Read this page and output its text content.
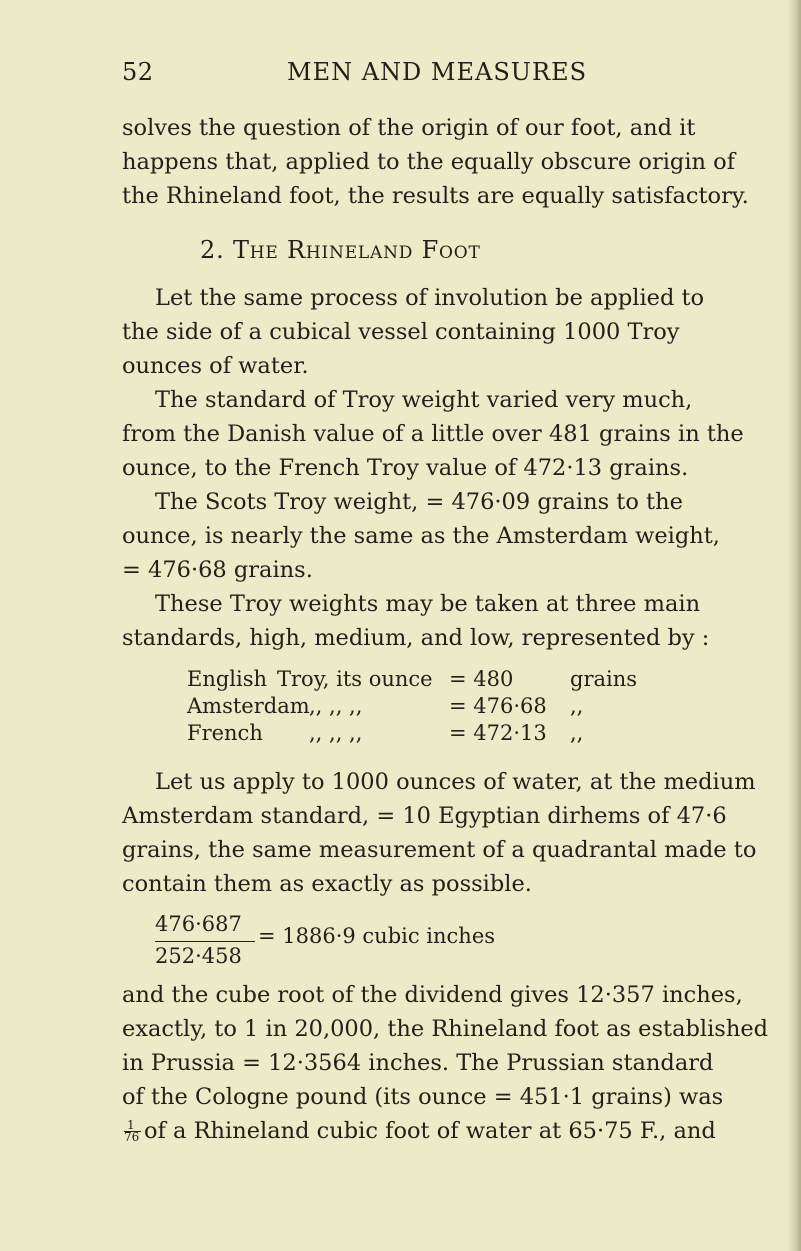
52	MEN AND MEASURES
solves the question of the origin of our foot, and it
happens that, applied to the equally obscure origin of
the Rhineland foot, the results are equally satisfactory.
2. The Rhineland Foot
Let the same process of involution be applied to
the side of a cubical vessel containing 1000 Troy
ounces of water.
The standard of Troy weight varied very much,
from the Danish value of a little over 481 grains in the
ounce, to the French Troy value of 472·13 grains.
The Scots Troy weight, = 476·09 grains to the
ounce, is nearly the same as the Amsterdam weight,
= 476·68 grains.
These Troy weights may be taken at three main
standards, high, medium, and low, represented by :
English Troy, its ounce = 480	grains
Amsterdam ,, ,, ,,	= 476·68 ,,
French ,, ,, ,,	= 472·13 ,,
Let us apply to 1000 ounces of water, at the medium
Amsterdam standard, = 10 Egyptian dirhems of 47·6
grains, the same measurement of a quadrantal made to
contain them as exactly as possible.
476·687
252·458
= 1886·9 cubic inches
and the cube root of the dividend gives 12·357 inches,
exactly, to 1 in 20,000, the Rhineland foot as established
in Prussia = 12·3564 inches. The Prussian standard
of the Cologne pound (its ounce = 451·1 grains) was
$\frac{1}{76}$ of a Rhineland cubic foot of water at 65·75 F., and
